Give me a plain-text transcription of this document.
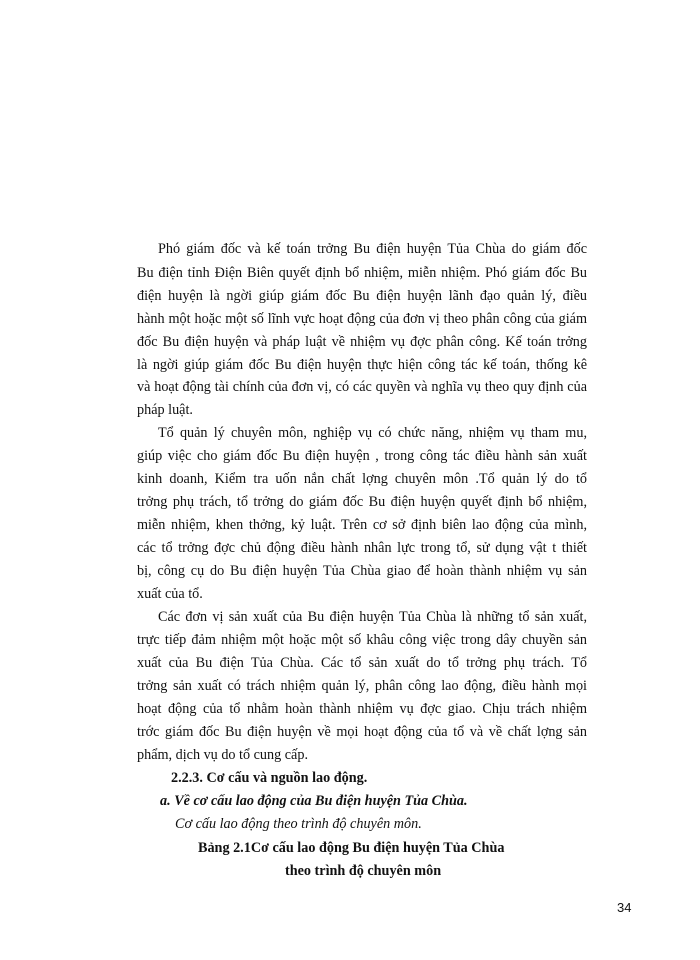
Phó giám đốc và kế toán trởng Bu điện huyện Tủa Chùa do giám đốc
Bu điện tỉnh Điện Biên quyết định bổ nhiệm, miễn nhiệm. Phó giám đốc Bu
điện huyện là ngời giúp giám đốc Bu điện huyện lãnh đạo quản lý, điều
hành một hoặc một số lĩnh vực hoạt động của đơn vị theo phân công của giám
đốc Bu điện huyện và pháp luật về nhiệm vụ đợc phân công. Kế toán trởng
là ngời giúp giám đốc Bu điện huyện thực hiện công tác kế toán, thống kê
và hoạt động tài chính của đơn vị, có các quyền và nghĩa vụ theo quy định của
pháp luật.
Tổ quản lý chuyên môn, nghiệp vụ có chức năng, nhiệm vụ tham mu,
giúp việc cho giám đốc Bu điện huyện , trong công tác điều hành sản xuất
kinh doanh, Kiểm tra uốn nắn chất lợng chuyên môn .Tổ quản lý do tổ
trởng phụ trách, tổ trởng do giám đốc Bu điện huyện quyết định bổ nhiệm,
miễn nhiệm, khen thởng, kỷ luật. Trên cơ sở định biên lao động của mình,
các tổ trởng đợc chủ động điều hành nhân lực trong tổ, sử dụng vật t thiết
bị, công cụ do Bu điện huyện Tủa Chùa giao để hoàn thành nhiệm vụ sản
xuất của tổ.
Các đơn vị sản xuất của Bu điện huyện Tủa Chùa là những tổ sản xuất,
trực tiếp đảm nhiệm một hoặc một số khâu công việc trong dây chuyền sản
xuất của Bu điện Tủa Chùa. Các tổ sản xuất do tổ trởng phụ trách. Tổ
trởng sản xuất có trách nhiệm quản lý, phân công lao động, điều hành mọi
hoạt động của tổ nhằm hoàn thành nhiệm vụ đợc giao. Chịu trách nhiệm
trớc giám đốc Bu điện huyện về mọi hoạt động của tổ và về chất lợng sản
phẩm, dịch vụ do tổ cung cấp.
2.2.3. Cơ cấu và nguồn lao động.
a. Về cơ cấu lao động của Bu điện huyện Tủa Chùa.
Cơ cấu lao động theo trình độ chuyên môn.
Bảng 2.1Cơ cấu lao động Bu điện huyện Tủa Chùa
theo trình độ chuyên môn
34
